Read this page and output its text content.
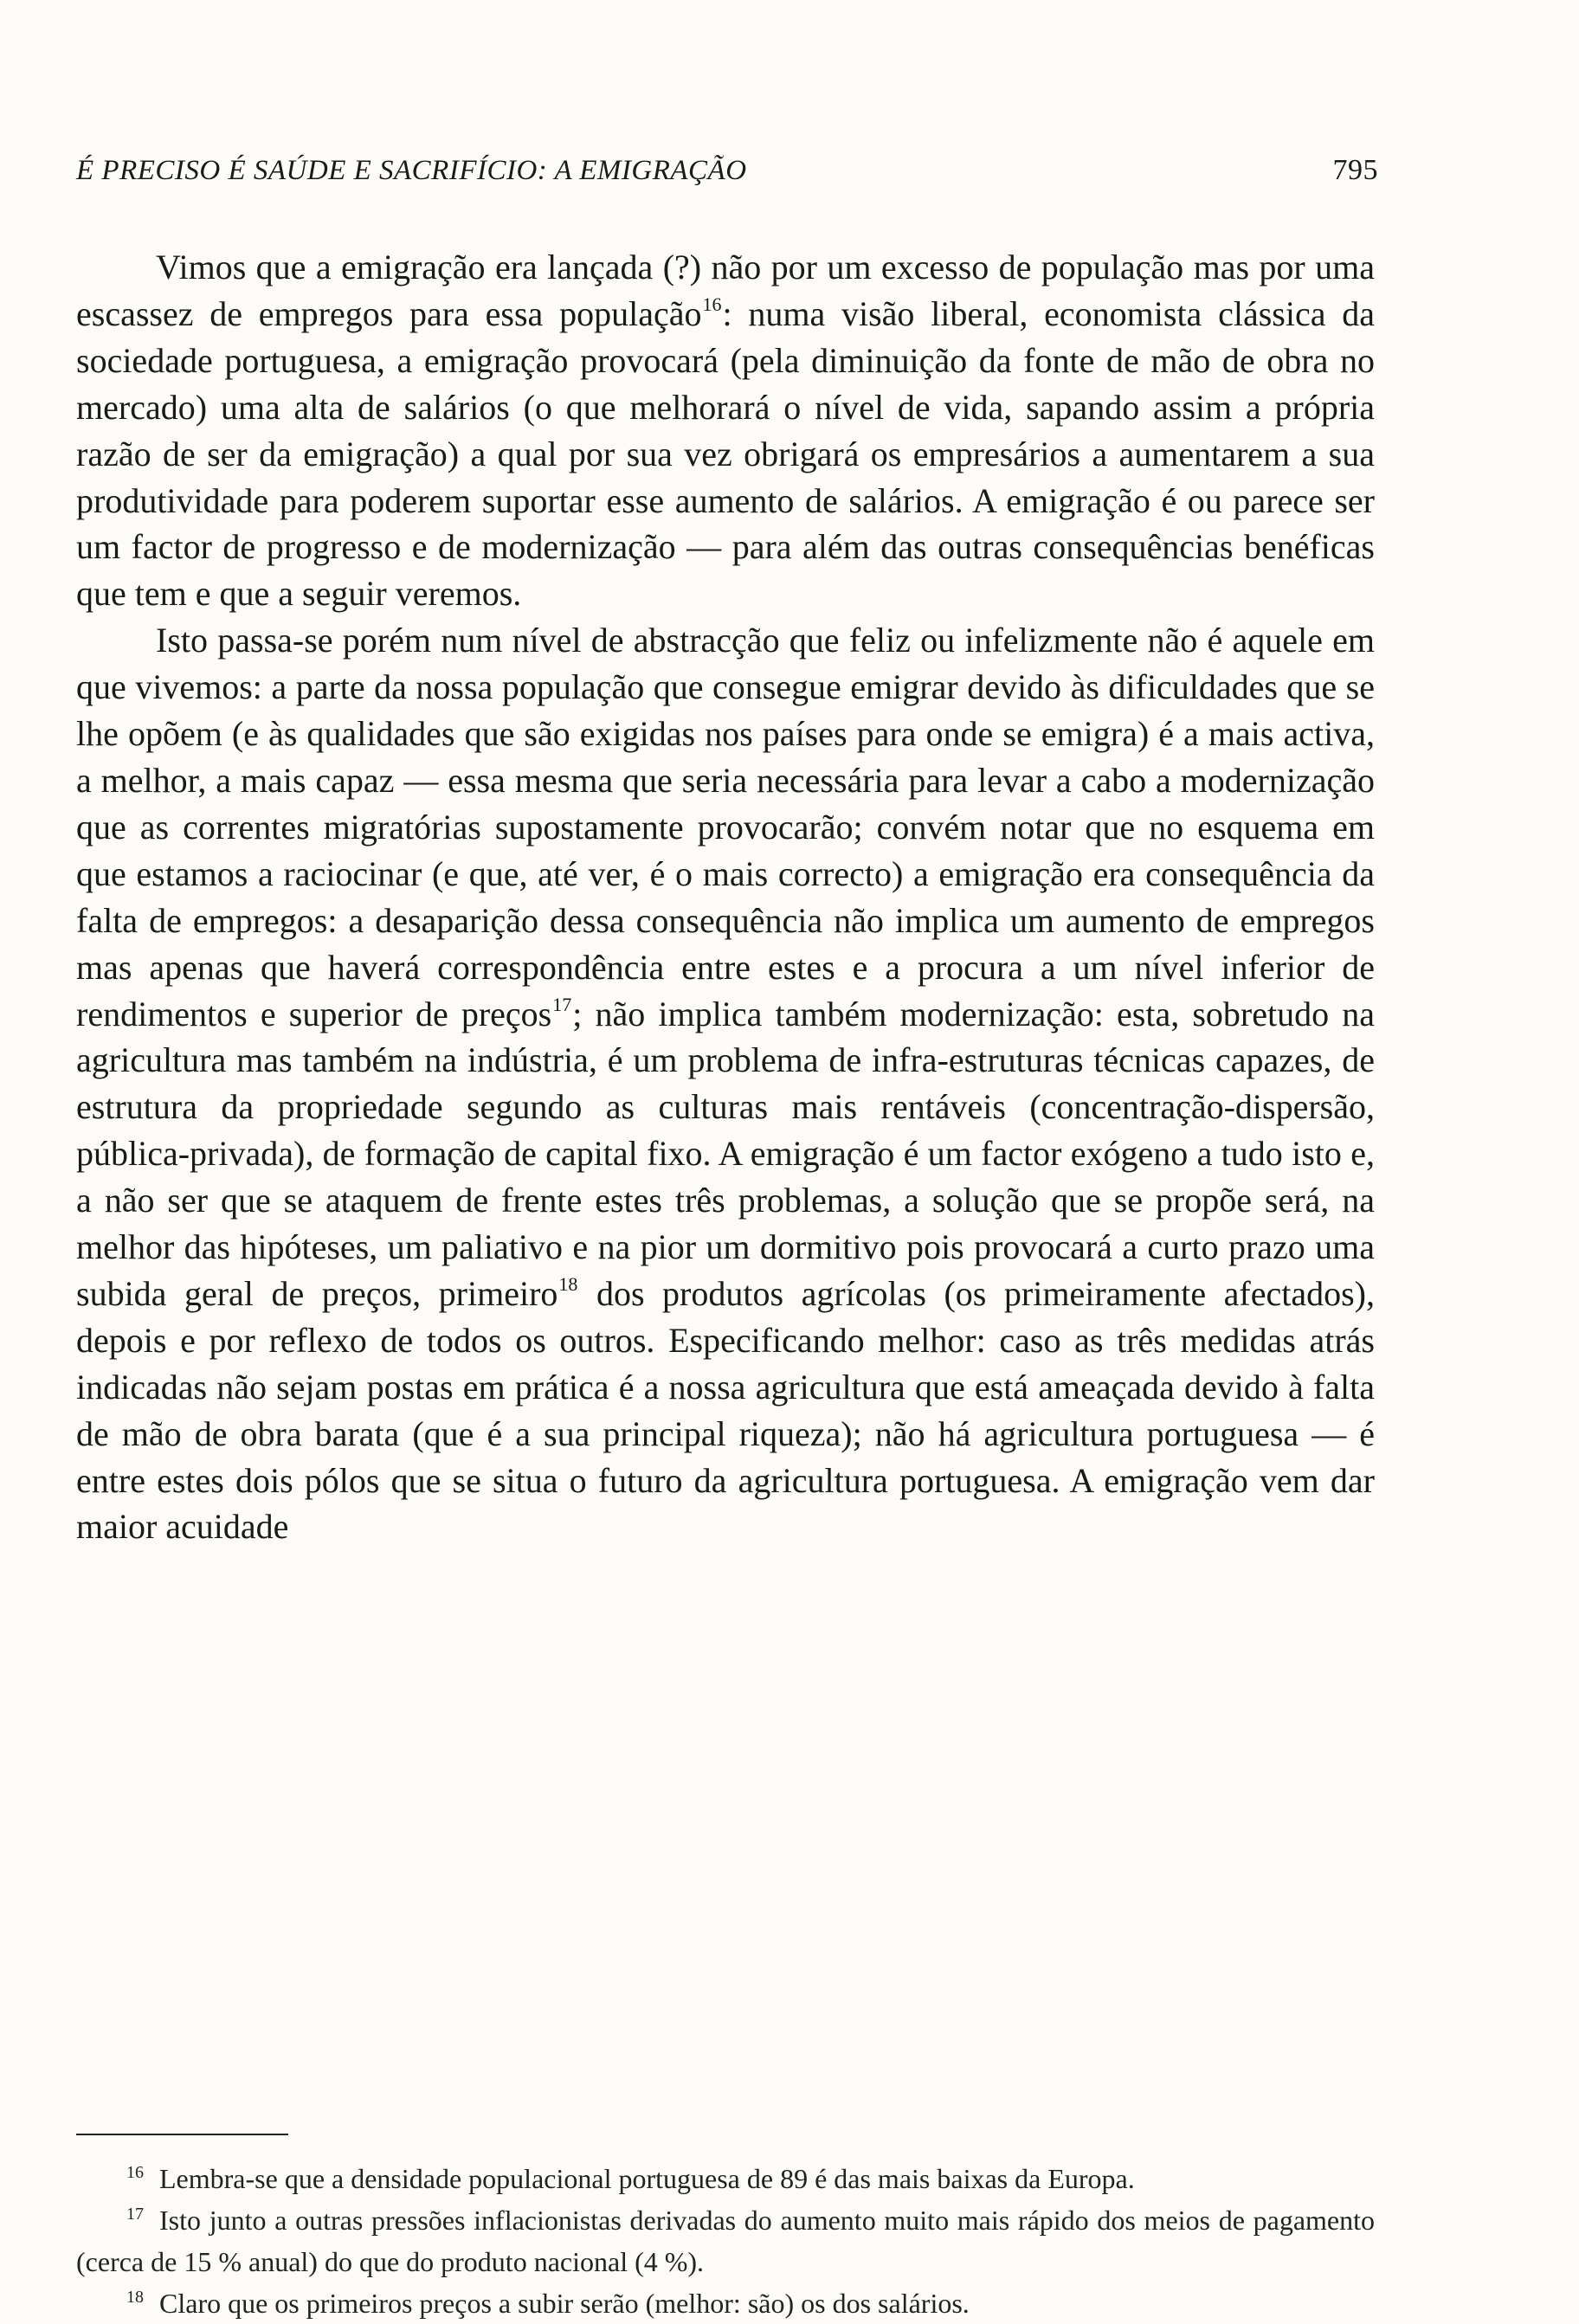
É PRECISO É SAÚDE E SACRIFÍCIO: A EMIGRAÇÃO	795

Vimos que a emigração era lançada (?) não por um excesso de população mas por uma escassez de empregos para essa população$^{16}$: numa visão liberal, economista clássica da sociedade portuguesa, a emigração provocará (pela diminuição da fonte de mão de obra no mercado) uma alta de salários (o que melhorará o nível de vida, sapando assim a própria razão de ser da emigração) a qual por sua vez obrigará os empresários a aumentarem a sua produtividade para poderem suportar esse aumento de salários. A emigração é ou parece ser um factor de progresso e de modernização — para além das outras consequências benéficas que tem e que a seguir veremos.

Isto passa-se porém num nível de abstracção que feliz ou infelizmente não é aquele em que vivemos: a parte da nossa população que consegue emigrar devido às dificuldades que se lhe opõem (e às qualidades que são exigidas nos países para onde se emigra) é a mais activa, a melhor, a mais capaz — essa mesma que seria necessária para levar a cabo a modernização que as correntes migratórias supostamente provocarão; convém notar que no esquema em que estamos a raciocinar (e que, até ver, é o mais correcto) a emigração era consequência da falta de empregos: a desaparição dessa consequência não implica um aumento de empregos mas apenas que haverá correspondência entre estes e a procura a um nível inferior de rendimentos e superior de preços$^{17}$; não implica também modernização: esta, sobretudo na agricultura mas também na indústria, é um problema de infra-estruturas técnicas capazes, de estrutura da propriedade segundo as culturas mais rentáveis (concentração-dispersão, pública-privada), de formação de capital fixo. A emigração é um factor exógeno a tudo isto e, a não ser que se ataquem de frente estes três problemas, a solução que se propõe será, na melhor das hipóteses, um paliativo e na pior um dormitivo pois provocará a curto prazo uma subida geral de preços, primeiro$^{18}$ dos produtos agrícolas (os primeiramente afectados), depois e por reflexo de todos os outros. Especificando melhor: caso as três medidas atrás indicadas não sejam postas em prática é a nossa agricultura que está ameaçada devido à falta de mão de obra barata (que é a sua principal riqueza); não há agricultura portuguesa — é entre estes dois pólos que se situa o futuro da agricultura portuguesa. A emigração vem dar maior acuidade

$^{16}$ Lembra-se que a densidade populacional portuguesa de 89 é das mais baixas da Europa.

$^{17}$ Isto junto a outras pressões inflacionistas derivadas do aumento muito mais rápido dos meios de pagamento (cerca de 15 % anual) do que do produto nacional (4 %).

$^{18}$ Claro que os primeiros preços a subir serão (melhor: são) os dos salários.
